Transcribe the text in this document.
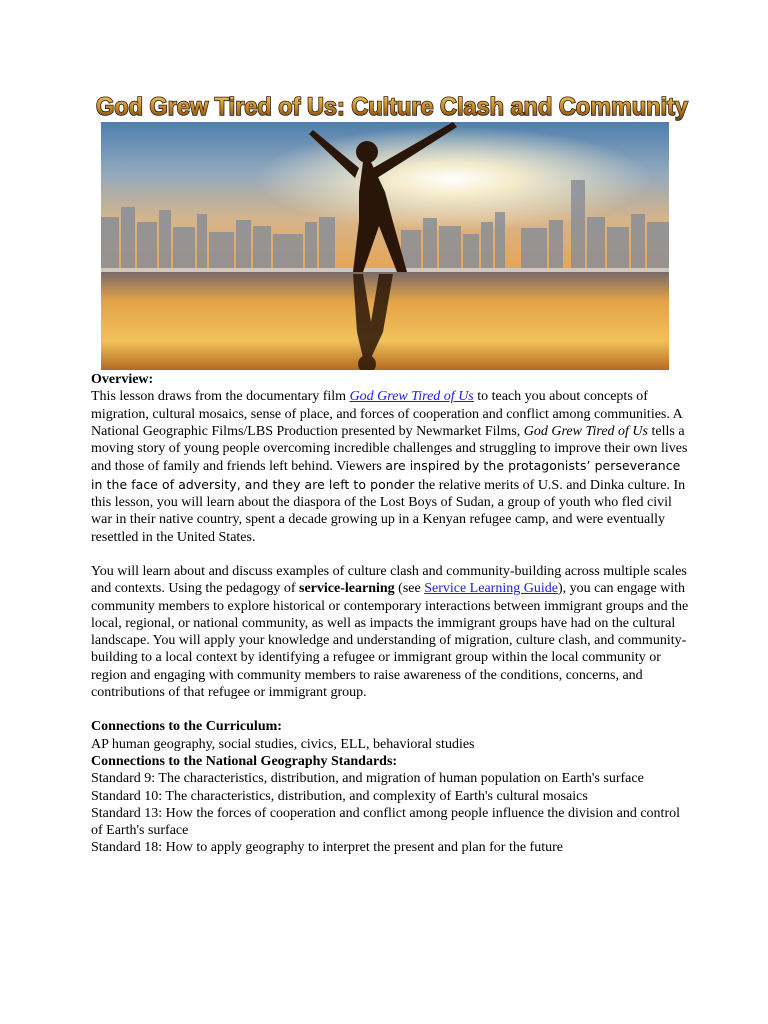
God Grew Tired of Us: Culture Clash and Community

Overview:

This lesson draws from the documentary film God Grew Tired of Us to teach you about concepts of migration, cultural mosaics, sense of place, and forces of cooperation and conflict among communities. A National Geographic Films/LBS Production presented by Newmarket Films, God Grew Tired of Us tells a moving story of young people overcoming incredible challenges and struggling to improve their own lives and those of family and friends left behind. Viewers are inspired by the protagonists’ perseverance in the face of adversity, and they are left to ponder the relative merits of U.S. and Dinka culture. In this lesson, you will learn about the diaspora of the Lost Boys of Sudan, a group of youth who fled civil war in their native country, spent a decade growing up in a Kenyan refugee camp, and were eventually resettled in the United States.

You will learn about and discuss examples of culture clash and community-building across multiple scales and contexts. Using the pedagogy of service-learning (see Service Learning Guide), you can engage with community members to explore historical or contemporary interactions between immigrant groups and the local, regional, or national community, as well as impacts the immigrant groups have had on the cultural landscape. You will apply your knowledge and understanding of migration, culture clash, and community-building to a local context by identifying a refugee or immigrant group within the local community or region and engaging with community members to raise awareness of the conditions, concerns, and contributions of that refugee or immigrant group.

Connections to the Curriculum:

AP human geography, social studies, civics, ELL, behavioral studies

Connections to the National Geography Standards:

Standard 9: The characteristics, distribution, and migration of human population on Earth's surface

Standard 10: The characteristics, distribution, and complexity of Earth's cultural mosaics

Standard 13: How the forces of cooperation and conflict among people influence the division and control of Earth's surface

Standard 18: How to apply geography to interpret the present and plan for the future
